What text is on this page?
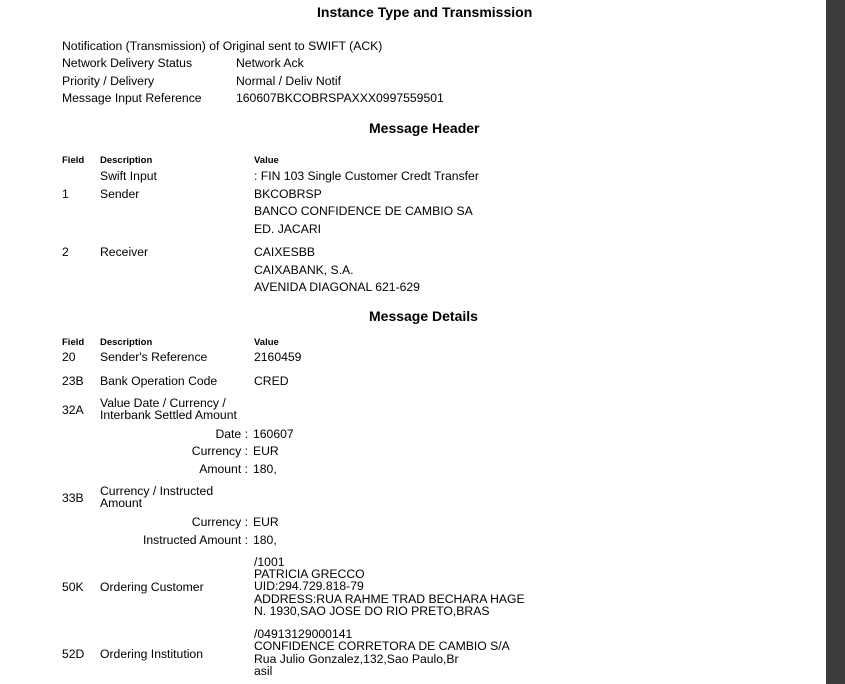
Instance Type and Transmission
Notification (Transmission) of Original sent to SWIFT (ACK)
Network Delivery Status	Network Ack
Priority / Delivery	Normal / Deliv Notif
Message Input Reference	160607BKCOBRSPAXXX0997559501
Message Header
Field Description	Value
Swift Input	: FIN 103 Single Customer Credt Transfer
1	Sender	BKCOBRSP
BANCO CONFIDENCE DE CAMBIO SA
ED. JACARI
2	Receiver	CAIXESBB
CAIXABANK, S.A.
AVENIDA DIAGONAL 621-629
Message Details
Field Description	Value
20 Sender's Reference	2160459
23B Bank Operation Code	CRED
32A Value Date / Currency /
Interbank Settled Amount
Date : 160607
Currency : EUR
Amount : 180,
33B Currency / Instructed
Amount
Currency : EUR
Instructed Amount : 180,
50K Ordering Customer
/1001
PATRICIA GRECCO
UID:294.729.818-79
ADDRESS:RUA RAHME TRAD BECHARA HAGE
N. 1930,SAO JOSE DO RIO PRETO,BRAS
52D Ordering Institution
/04913129000141
CONFIDENCE CORRETORA DE CAMBIO S/A
Rua Julio Gonzalez,132,Sao Paulo,Br
asil
